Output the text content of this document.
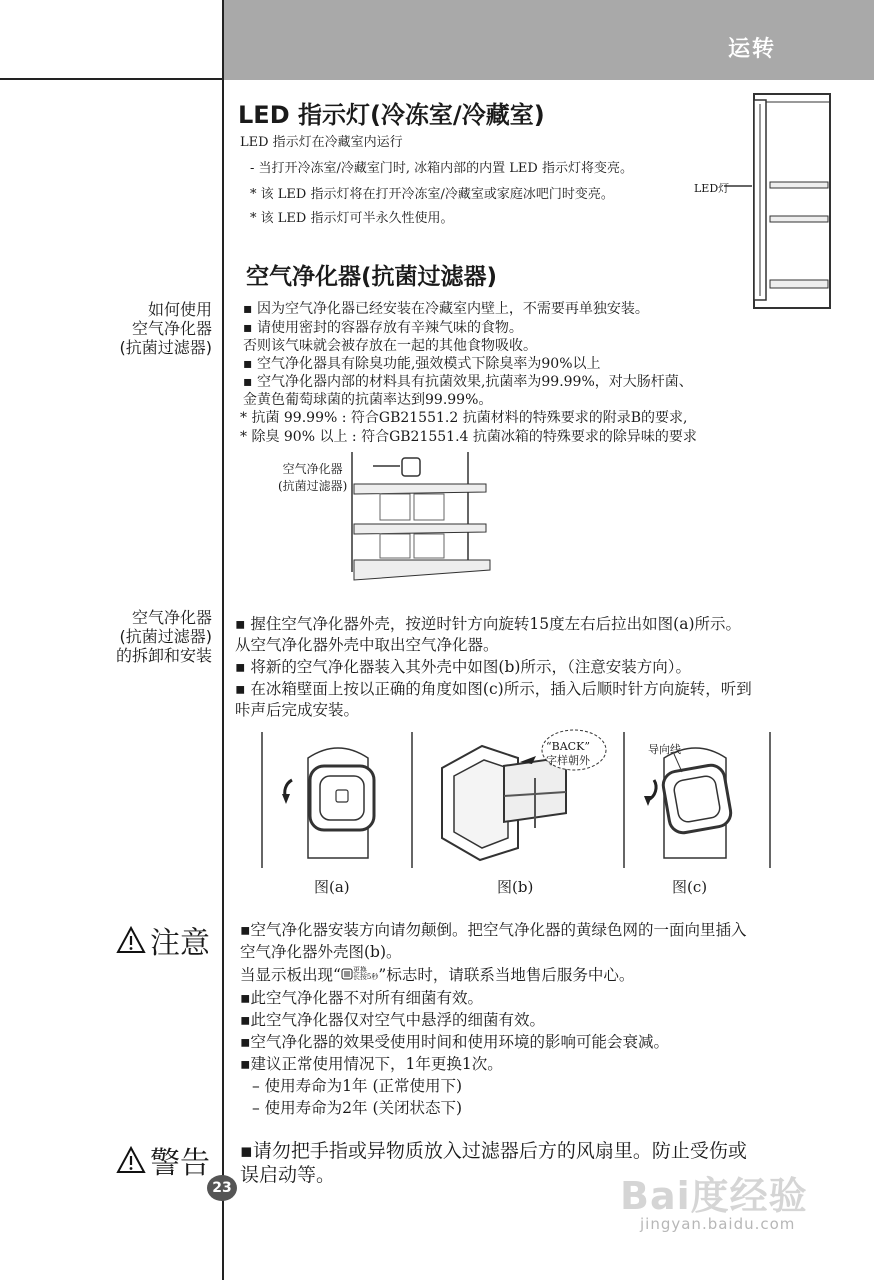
运转
LED 指示灯(冷冻室/冷藏室)
LED 指示灯在冷藏室内运行
- 当打开冷冻室/冷藏室门时, 冰箱内部的内置 LED 指示灯将变亮。
* 该 LED 指示灯将在打开冷冻室/冷藏室或家庭冰吧门时变亮。
* 该 LED 指示灯可半永久性使用。
LED灯
空气净化器(抗菌过滤器)
如何使用
空气净化器
(抗菌过滤器)
▪ 因为空气净化器已经安装在冷藏室内壁上，不需要再单独安装。
▪ 请使用密封的容器存放有辛辣气味的食物。
否则该气味就会被存放在一起的其他食物吸收。
▪ 空气净化器具有除臭功能,强效模式下除臭率为90%以上
▪ 空气净化器内部的材料具有抗菌效果,抗菌率为99.99%，对大肠杆菌、
金黄色葡萄球菌的抗菌率达到99.99%。
* 抗菌 99.99% : 符合GB21551.2 抗菌材料的特殊要求的附录B的要求,
* 除臭 90% 以上 : 符合GB21551.4 抗菌冰箱的特殊要求的除异味的要求
空气净化器
(抗菌过滤器)
空气净化器
(抗菌过滤器)
的拆卸和安装
▪ 握住空气净化器外壳，按逆时针方向旋转15度左右后拉出如图(a)所示。
从空气净化器外壳中取出空气净化器。
▪ 将新的空气净化器装入其外壳中如图(b)所示，（注意安装方向）。
▪ 在冰箱壁面上按以正确的角度如图(c)所示，插入后顺时针方向旋转，听到
咔声后完成安装。
“BACK”
字样朝外
导向线
图(a)	图(b)	图(c)
注意 ▪空气净化器安装方向请勿颠倒。把空气净化器的黄绿色网的一面向里插入
空气净化器外壳图(b)。
当显示板出现“ 更换
长按5秒 ”标志时，请联系当地售后服务中心。
▪此空气净化器不对所有细菌有效。
▪此空气净化器仅对空气中悬浮的细菌有效。
▪空气净化器的效果受使用时间和使用环境的影响可能会衰减。
▪建议正常使用情况下，1年更换1次。
– 使用寿命为1年 (正常使用下)
– 使用寿命为2年 (关闭状态下)
警告 ▪请勿把手指或异物质放入过滤器后方的风扇里。防止受伤或
误启动等。
23	Bai度经验
jingyan.baidu.com
